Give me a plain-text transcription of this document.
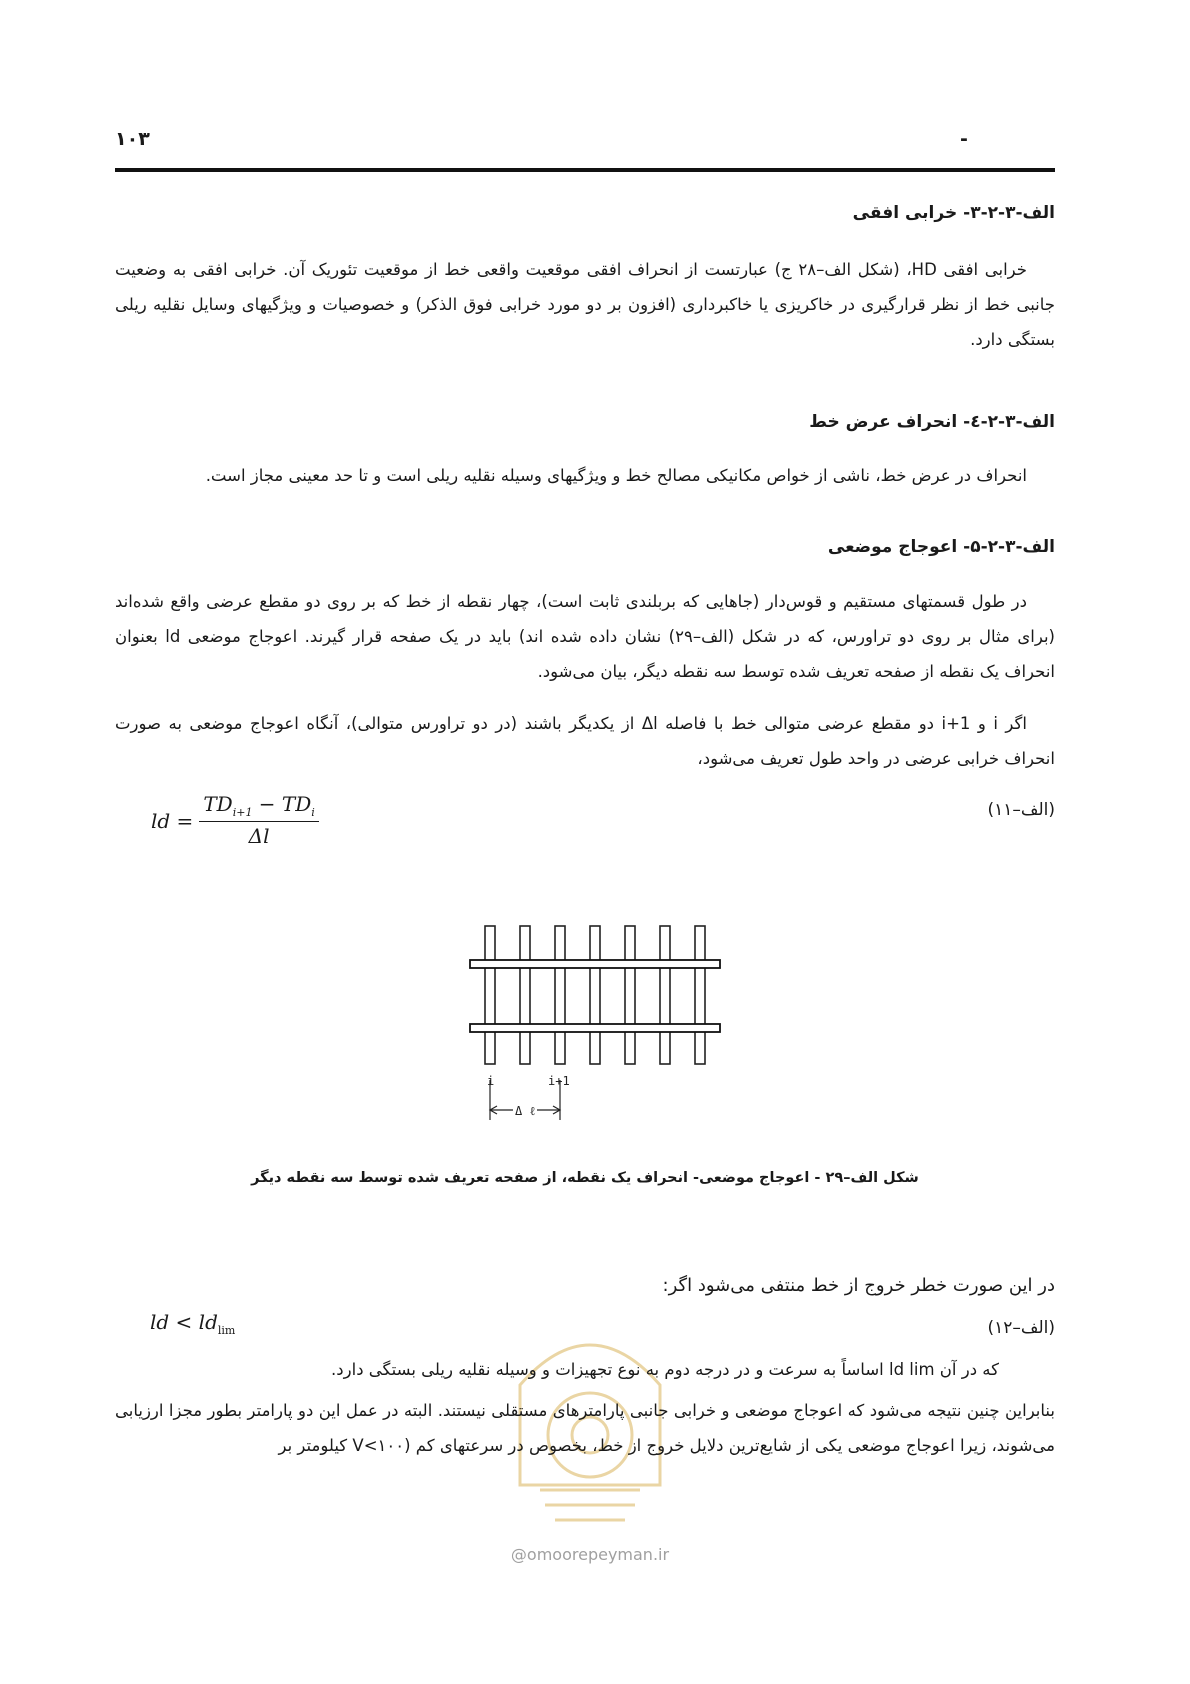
۱۰۳	-
الف-۳-۲-۳- خرابی افقی
خرابی افقی HD، (شکل الف–۲۸ ج) عبارتست از انحراف افقی موقعیت واقعی خط از موقعیت تئوریک آن. خرابی افقی به وضعیت جانبی خط از نظر قرارگیری در خاکریزی یا خاکبرداری (افزون بر دو مورد خرابی فوق الذکر) و خصوصیات و ویژگیهای وسایل نقلیه ریلی بستگی دارد.
الف-۳-۲-٤- انحراف عرض خط
انحراف در عرض خط، ناشی از خواص مکانیکی مصالح خط و ویژگیهای وسیله نقلیه ریلی است و تا حد معینی مجاز است.
الف-۳-۲-۵- اعوجاج موضعی
در طول قسمتهای مستقیم و قوس‌دار (جاهایی که بربلندی ثابت است)، چهار نقطه از خط که بر روی دو مقطع عرضی واقع شده‌اند (برای مثال بر روی دو تراورس، که در شکل (الف–۲۹) نشان داده شده اند) باید در یک صفحه قرار گیرند. اعوجاج موضعی ld بعنوان انحراف یک نقطه از صفحه تعریف شده توسط سه نقطه دیگر، بیان می‌شود.
اگر i و i+1 دو مقطع عرضی متوالی خط با فاصله Δl از یکدیگر باشند (در دو تراورس متوالی)، آنگاه اعوجاج موضعی به صورت انحراف خرابی عرضی در واحد طول تعریف می‌شود،
(الف–۱۱)
ld =	$TD_{i+1} - TD_i$
Δl
i	i+1
Δ ℓ
شکل الف–۲۹ - اعوجاج موضعی- انحراف یک نقطه، از صفحه تعریف شده توسط سه نقطه دیگر
@omoorepeyman.ir
در این صورت خطر خروج از خط منتفی می‌شود اگر:
(الف–۱۲)
ld < $ld_{lim}$
که در آن ld lim اساساً به سرعت و در درجه دوم به نوع تجهیزات و وسیله نقلیه ریلی بستگی دارد.
بنابراین چنین نتیجه می‌شود که اعوجاج موضعی و خرابی جانبی پارامترهای مستقلی نیستند. البته در عمل این دو پارامتر بطور مجزا ارزیابی می‌شوند، زیرا اعوجاج موضعی یکی از شایع‌ترین دلایل خروج از خط، بخصوص در سرعتهای کم (V<۱۰۰ کیلومتر بر
